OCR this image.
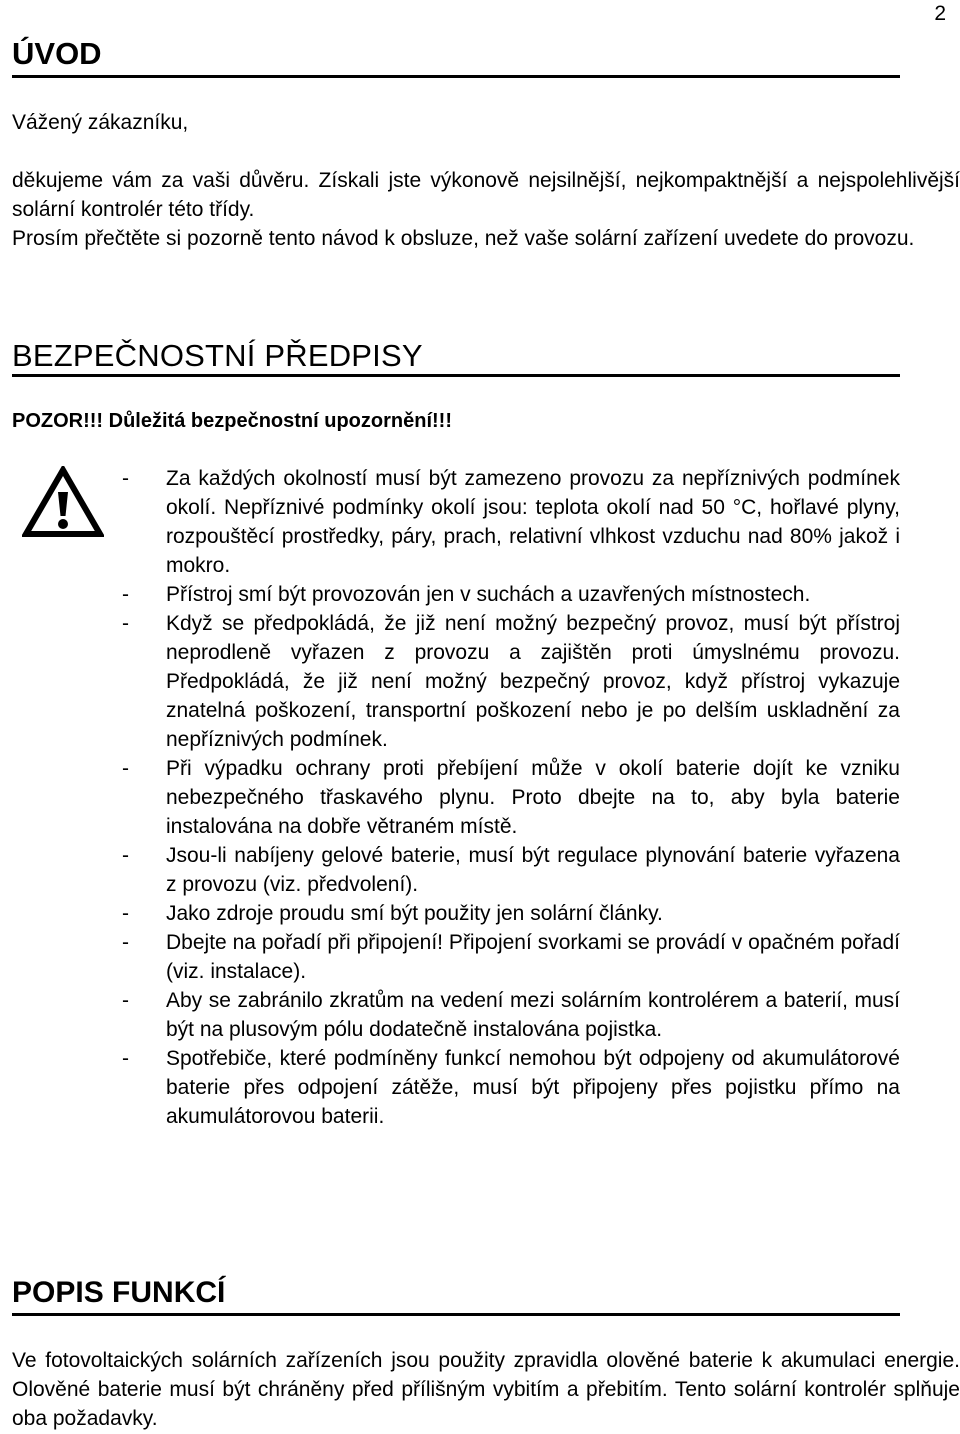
2
ÚVOD
Vážený zákazníku,
děkujeme vám za vaši důvěru. Získali jste výkonově nejsilnější, nejkompaktnější a nejspolehlivější solární kontrolér této třídy.
Prosím přečtěte si pozorně tento návod k obsluze, než vaše solární zařízení uvedete do provozu.
BEZPEČNOSTNÍ PŘEDPISY
POZOR!!! Důležitá bezpečnostní upozornění!!!
-	Za každých okolností musí být zamezeno provozu za nepříznivých podmínek okolí. Nepříznivé podmínky okolí jsou: teplota okolí nad 50 °C, hořlavé plyny, rozpouštěcí prostředky, páry, prach, relativní vlhkost vzduchu nad 80% jakož i mokro.
-	Přístroj smí být provozován jen v suchách a uzavřených místnostech.
-	Když se předpokládá, že již není možný bezpečný provoz, musí být přístroj neprodleně vyřazen z provozu a zajištěn proti úmyslnému provozu. Předpokládá, že již není možný bezpečný provoz, když přístroj vykazuje znatelná poškození, transportní poškození nebo je po delším uskladnění za nepříznivých podmínek.
-	Při výpadku ochrany proti přebíjení může v okolí baterie dojít ke vzniku nebezpečného třaskavého plynu. Proto dbejte na to, aby byla baterie instalována na dobře větraném místě.
-	Jsou-li nabíjeny gelové baterie, musí být regulace plynování baterie vyřazena z provozu (viz. předvolení).
-	Jako zdroje proudu smí být použity jen solární články.
-	Dbejte na pořadí při připojení! Připojení svorkami se provádí v opačném pořadí (viz. instalace).
-	Aby se zabránilo zkratům na vedení mezi solárním kontrolérem a baterií, musí být na plusovým pólu dodatečně instalována pojistka.
-	Spotřebiče, které podmíněny funkcí nemohou být odpojeny od akumulátorové baterie přes odpojení zátěže, musí být připojeny přes pojistku přímo na akumulátorovou baterii.
POPIS FUNKCÍ
Ve fotovoltaických solárních zařízeních jsou použity zpravidla olověné baterie k akumulaci energie. Olověné baterie musí být chráněny před přílišným vybitím a přebitím. Tento solární kontrolér splňuje oba požadavky.
